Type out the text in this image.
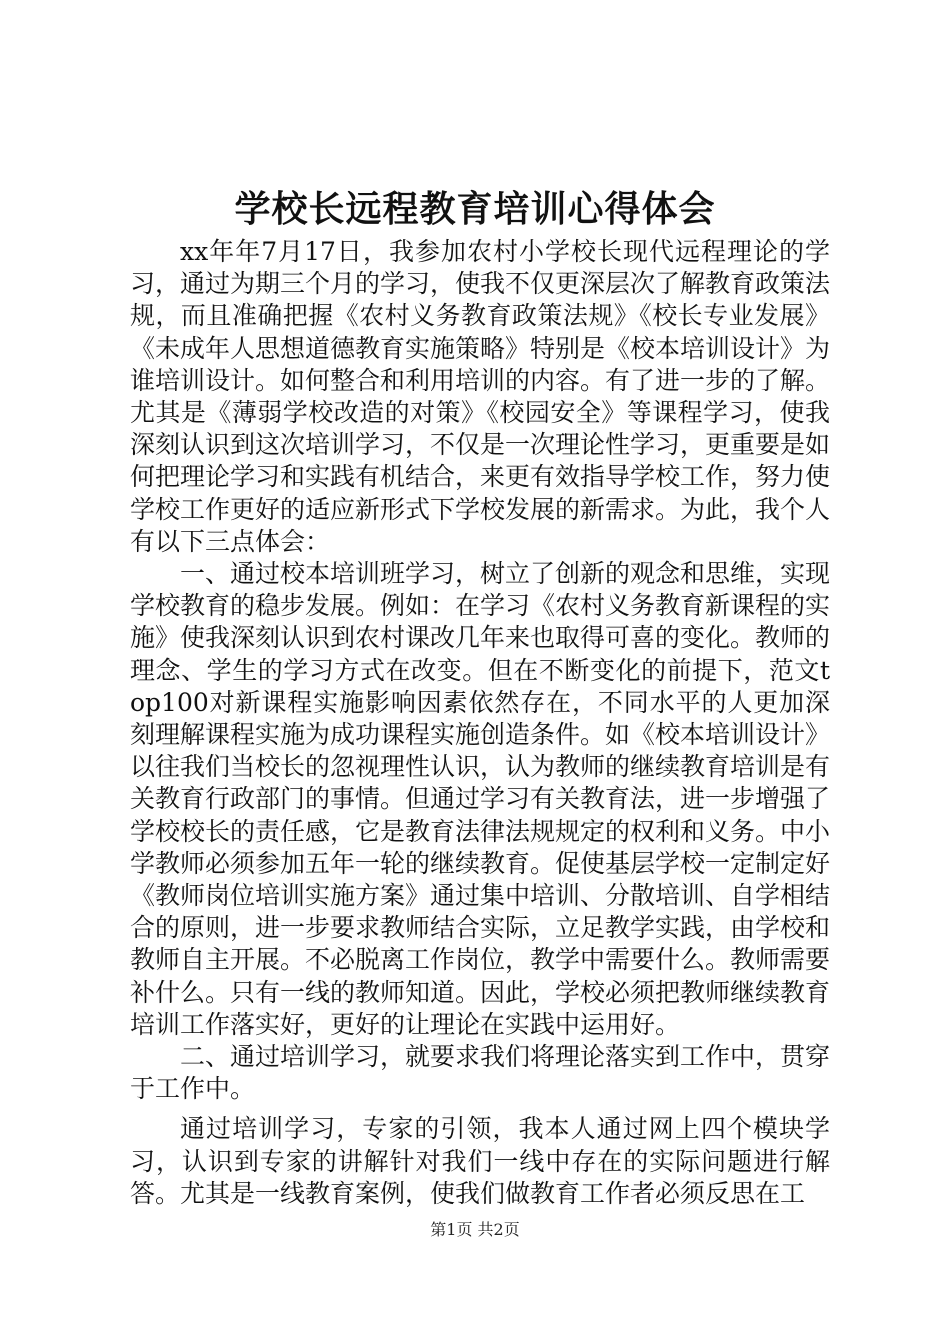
学校长远程教育培训心得体会

xx年年7月17日，我参加农村小学校长现代远程理论的学习，通过为期三个月的学习，使我不仅更深层次了解教育政策法规，而且准确把握《农村义务教育政策法规》《校长专业发展》《未成年人思想道德教育实施策略》特别是《校本培训设计》为谁培训设计。如何整合和利用培训的内容。有了进一步的了解。尤其是《薄弱学校改造的对策》《校园安全》等课程学习，使我深刻认识到这次培训学习，不仅是一次理论性学习，更重要是如何把理论学习和实践有机结合，来更有效指导学校工作，努力使学校工作更好的适应新形式下学校发展的新需求。为此，我个人有以下三点体会：

一、通过校本培训班学习，树立了创新的观念和思维，实现学校教育的稳步发展。例如：在学习《农村义务教育新课程的实施》使我深刻认识到农村课改几年来也取得可喜的变化。教师的理念、学生的学习方式在改变。但在不断变化的前提下，范文top100对新课程实施影响因素依然存在，不同水平的人更加深刻理解课程实施为成功课程实施创造条件。如《校本培训设计》以往我们当校长的忽视理性认识，认为教师的继续教育培训是有关教育行政部门的事情。但通过学习有关教育法，进一步增强了学校校长的责任感，它是教育法律法规规定的权利和义务。中小学教师必须参加五年一轮的继续教育。促使基层学校一定制定好《教师岗位培训实施方案》通过集中培训、分散培训、自学相结合的原则，进一步要求教师结合实际，立足教学实践，由学校和教师自主开展。不必脱离工作岗位，教学中需要什么。教师需要补什么。只有一线的教师知道。因此，学校必须把教师继续教育培训工作落实好，更好的让理论在实践中运用好。

二、通过培训学习，就要求我们将理论落实到工作中，贯穿于工作中。

通过培训学习，专家的引领，我本人通过网上四个模块学习，认识到专家的讲解针对我们一线中存在的实际问题进行解答。尤其是一线教育案例，使我们做教育工作者必须反思在工

第1页 共2页
